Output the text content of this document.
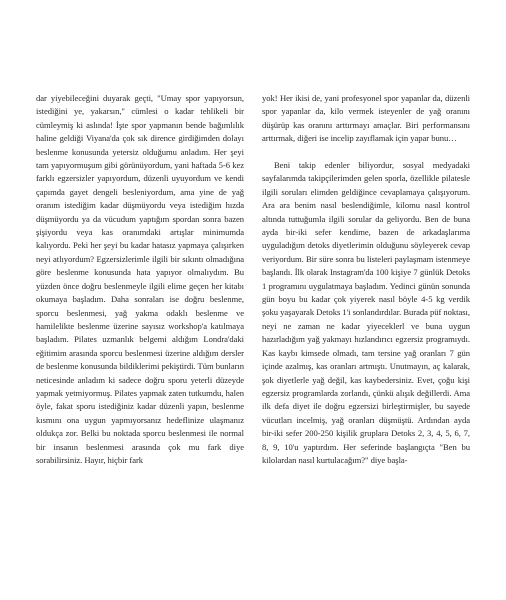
dar yiyebileceğini duyarak geçti, "Umay spor yapıyorsun, istediğini ye, yakarsın," cümlesi o kadar tehlikeli bir cümleymiş ki aslında! İşte spor yapmanın bende bağımlılık haline geldiği Viyana'da çok sık dirence girdiğimden dolayı beslenme konusunda yetersiz olduğumu anladım. Her şeyi tam yapıyormuşum gibi görünüyordum, yani haftada 5-6 kez farklı egzersizler yapıyordum, düzenli uyuyordum ve kendi çapımda gayet dengeli besleniyordum, ama yine de yağ oranım istediğim kadar düşmüyordu veya istediğim hızda düşmüyordu ya da vücudum yaptığım spordan sonra bazen şişiyordu veya kas oranımdaki artışlar minimumda kalıyordu. Peki her şeyi bu kadar hatasız yapmaya çalışırken neyi atlıyordum? Egzersizlerimle ilgili bir sıkıntı olmadığına göre beslenme konusunda hata yapıyor olmalıydım. Bu yüzden önce doğru beslenmeyle ilgili elime geçen her kitabı okumaya başladım. Daha sonraları ise doğru beslenme, sporcu beslenmesi, yağ yakma odaklı beslenme ve hamilelikte beslenme üzerine sayısız workshop'a katılmaya başladım. Pilates uzmanlık belgemi aldığım Londra'daki eğitimim arasında sporcu beslenmesi üzerine aldığım dersler de beslenme konusunda bildiklerimi pekiştirdi. Tüm bunların neticesinde anladım ki sadece doğru sporu yeterli düzeyde yapmak yetmiyormuş. Pilates yapmak zaten tutkumdu, halen öyle, fakat sporu istediğiniz kadar düzenli yapın, beslenme kısmını ona uygun yapmıyorsanız hedeflinize ulaşmanız oldukça zor. Belki bu noktada sporcu beslenmesi ile normal bir insanın beslenmesi arasında çok mu fark diye sorabilirsiniz. Hayır, hiçbir fark

yok! Her ikisi de, yani profesyonel spor yapanlar da, düzenli spor yapanlar da, kilo vermek isteyenler de yağ oranını düşürüp kas oranını arttırmayı amaçlar. Biri performansını arttırmak, diğeri ise incelip zayıflamak için yapar bunu…

Beni takip edenler biliyordur, sosyal medyadaki sayfalarımda takipçilerimden gelen sporla, özellikle pilatesle ilgili soruları elimden geldiğince cevaplamaya çalışıyorum. Ara ara benim nasıl beslendiğimle, kilomu nasıl kontrol altında tuttuğumla ilgili sorular da geliyordu. Ben de buna ayda bir-iki sefer kendime, bazen de arkadaşlarıma uyguladığım detoks diyetlerimin olduğunu söyleyerek cevap veriyordum. Bir süre sonra bu listeleri paylaşmam istenmeye başlandı. İlk olarak Instagram'da 100 kişiye 7 günlük Detoks 1 programını uygulatmaya başladım. Yedinci günün sonunda gün boyu bu kadar çok yiyerek nasıl böyle 4-5 kg verdik şoku yaşayarak Detoks 1'i sonlandırdılar. Burada püf noktası, neyi ne zaman ne kadar yiyeceklerl ve buna uygun hazırladığım yağ yakmayı hızlandırıcı egzersiz programıydı. Kas kaybı kimsede olmadı, tam tersine yağ oranları 7 gün içinde azalmış, kas oranları artmıştı. Unutmayın, aç kalarak, şok diyetlerle yağ değil, kas kaybedersiniz. Evet, çoğu kişi egzersiz programlarda zorlandı, çünkü alışık değillerdi. Ama ilk defa diyet ile doğru egzersizi birleştirmişler, bu sayede vücutları incelmiş, yağ oranları düşmüştü. Ardından ayda bir-iki sefer 200-250 kişilik gruplara Detoks 2, 3, 4, 5, 6, 7, 8, 9, 10'u yaptırdım. Her seferinde başlangıçta "Ben bu kilolardan nasıl kurtulacağım?" diye başla-
